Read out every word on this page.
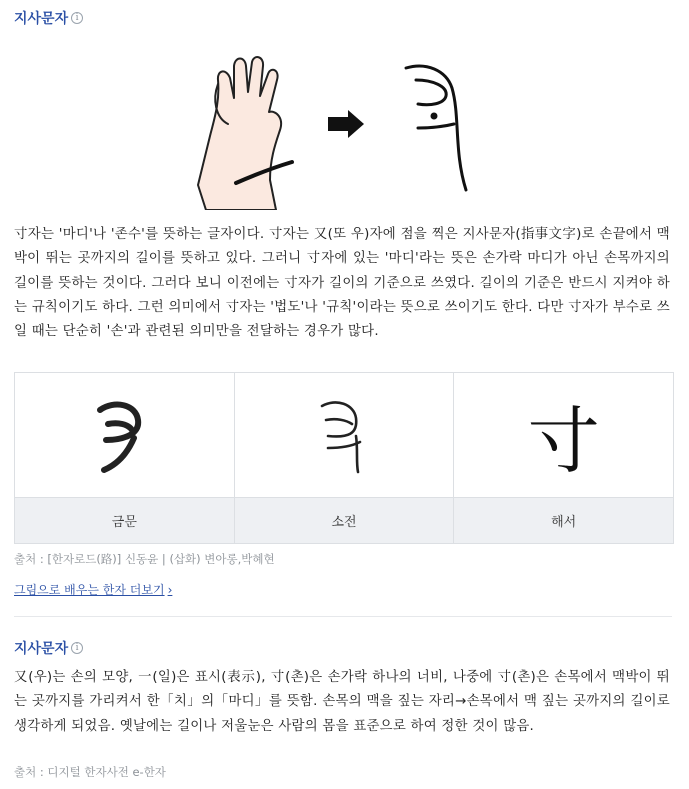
지사문자 i
寸자는 '마디'나 '존수'를 뜻하는 글자이다. 寸자는 又(또 우)자에 점을 찍은 지사문자(指事文字)로 손끝에서 맥박이 뛰는 곳까지의 길이를 뜻하고 있다. 그러니 寸자에 있는 '마디'라는 뜻은 손가락 마디가 아닌 손목까지의 길이를 뜻하는 것이다. 그러다 보니 이전에는 寸자가 길이의 기준으로 쓰였다. 길이의 기준은 반드시 지켜야 하는 규칙이기도 하다. 그런 의미에서 寸자는 '법도'나 '규칙'이라는 뜻으로 쓰이기도 한다. 다만 寸자가 부수로 쓰일 때는 단순히 '손'과 관련된 의미만을 전달하는 경우가 많다.
금문	소전
寸
해서
출처 : [한자로드(路)] 신동윤 | (삽화) 변아롱,박혜현
그림으로 배우는 한자 더보기 ›
지사문자 i
又(우)는 손의 모양, 一(일)은 표시(表示), 寸(촌)은 손가락 하나의 너비, 나중에 寸(촌)은 손목에서 맥박이 뛰는 곳까지를 가리켜서 한「치」의「마디」를 뜻함. 손목의 맥을 짚는 자리→손목에서 맥 짚는 곳까지의 길이로 생각하게 되었음. 옛날에는 길이나 저울눈은 사람의 몸을 표준으로 하여 정한 것이 많음.
출처 : 디지털 한자사전 e-한자
